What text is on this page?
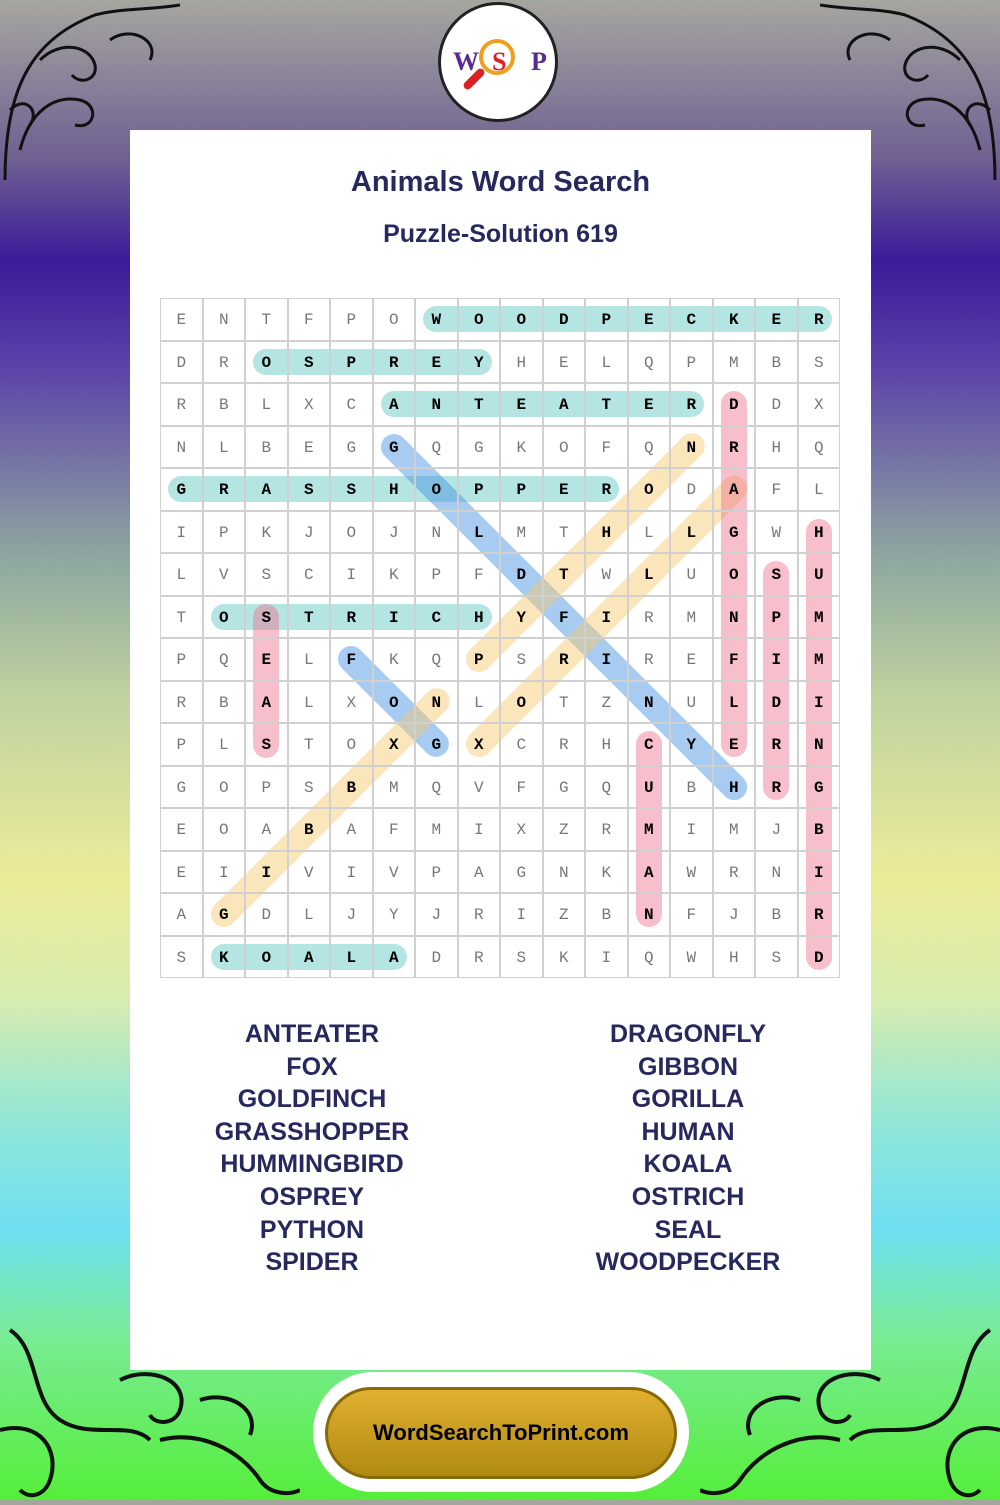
W S P
Animals Word Search
Puzzle-Solution 619
E	N	T	F	P	O	W	O	O	D	P	E	C	K	E	R
D	R	O	S	P	R	E	Y	H	E	L	Q	P	M	B	S
R	B	L	X	C	A	N	T	E	A	T	E	R	D	D	X
N	L	B	E	G	G	Q	G	K	O	F	Q	N	R	H	Q
G	R	A	S	S	H	O	P	P	E	R	O	D	A	F	L
I	P	K	J	O	J	N	L	M	T	H	L	L	G	W	H
L	V	S	C	I	K	P	F	D	T	W	L	U	O	S	U
T	O	S	T	R	I	C	H	Y	F	I	R	M	N	P	M
P	Q	E	L	F	K	Q	P	S	R	I	R	E	F	I	M
R	B	A	L	X	O	N	L	O	T	Z	N	U	L	D	I
P	L	S	T	O	X	G	X	C	R	H	C	Y	E	R	N
G	O	P	S	B	M	Q	V	F	G	Q	U	B	H	R	G
E	O	A	B	A	F	M	I	X	Z	R	M	I	M	J	B
E	I	I	V	I	V	P	A	G	N	K	A	W	R	N	I
A	G	D	L	J	Y	J	R	I	Z	B	N	F	J	B	R
S	K	O	A	L	A	D	R	S	K	I	Q	W	H	S	D
ANTEATER
FOX
GOLDFINCH
GRASSHOPPER
HUMMINGBIRD
OSPREY
PYTHON
SPIDER
DRAGONFLY
GIBBON
GORILLA
HUMAN
KOALA
OSTRICH
SEAL
WOODPECKER
WordSearchToPrint.com
